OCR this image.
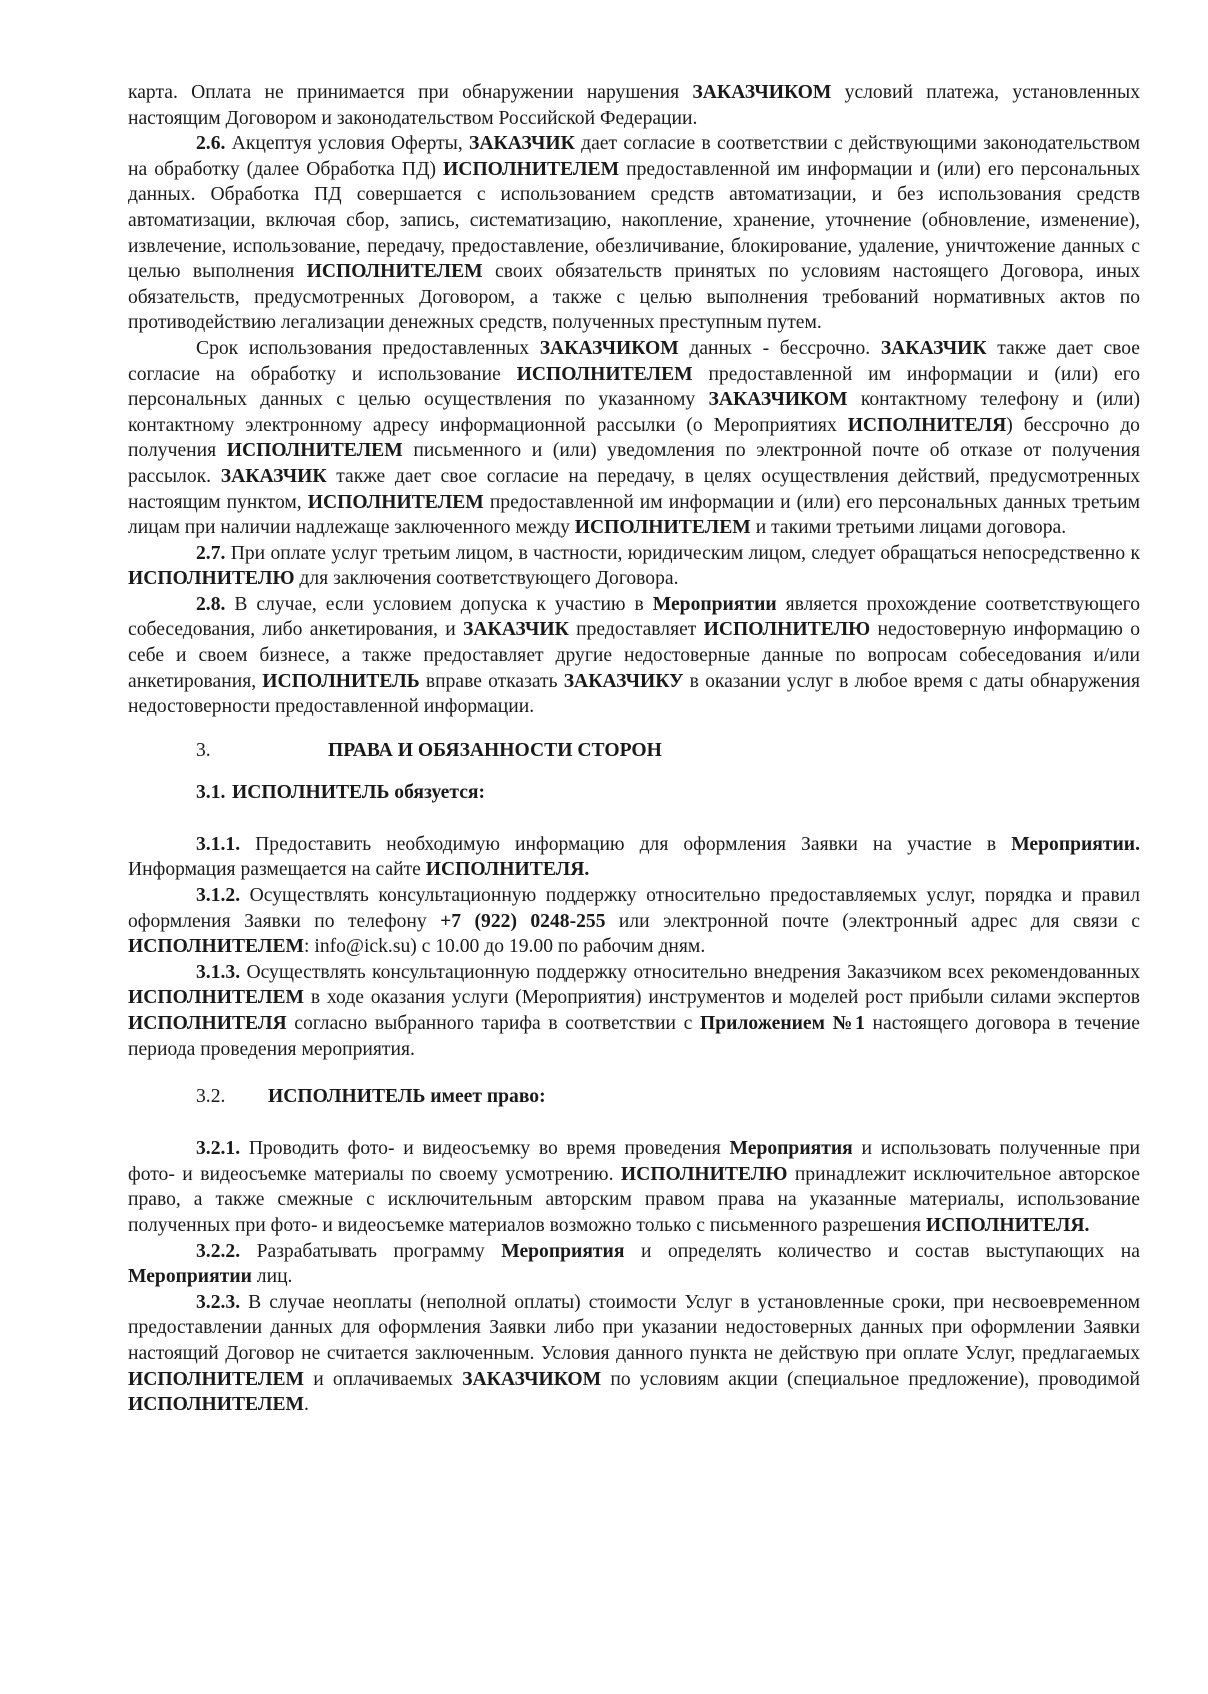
карта. Оплата не принимается при обнаружении нарушения ЗАКАЗЧИКОМ условий платежа, установленных настоящим Договором и законодательством Российской Федерации.

2.6. Акцептуя условия Оферты, ЗАКАЗЧИК дает согласие в соответствии с действующими законодательством на обработку (далее Обработка ПД) ИСПОЛНИТЕЛЕМ предоставленной им информации и (или) его персональных данных. Обработка ПД совершается с использованием средств автоматизации, и без использования средств автоматизации, включая сбор, запись, систематизацию, накопление, хранение, уточнение (обновление, изменение), извлечение, использование, передачу, предоставление, обезличивание, блокирование, удаление, уничтожение данных с целью выполнения ИСПОЛНИТЕЛЕМ своих обязательств принятых по условиям настоящего Договора, иных обязательств, предусмотренных Договором, а также с целью выполнения требований нормативных актов по противодействию легализации денежных средств, полученных преступным путем.

Срок использования предоставленных ЗАКАЗЧИКОМ данных - бессрочно. ЗАКАЗЧИК также дает свое согласие на обработку и использование ИСПОЛНИТЕЛЕМ предоставленной им информации и (или) его персональных данных с целью осуществления по указанному ЗАКАЗЧИКОМ контактному телефону и (или) контактному электронному адресу информационной рассылки (о Мероприятиях ИСПОЛНИТЕЛЯ) бессрочно до получения ИСПОЛНИТЕЛЕМ письменного и (или) уведомления по электронной почте об отказе от получения рассылок. ЗАКАЗЧИК также дает свое согласие на передачу, в целях осуществления действий, предусмотренных настоящим пунктом, ИСПОЛНИТЕЛЕМ предоставленной им информации и (или) его персональных данных третьим лицам при наличии надлежаще заключенного между ИСПОЛНИТЕЛЕМ и такими третьими лицами договора.

2.7. При оплате услуг третьим лицом, в частности, юридическим лицом, следует обращаться непосредственно к ИСПОЛНИТЕЛЮ для заключения соответствующего Договора.

2.8. В случае, если условием допуска к участию в Мероприятии является прохождение соответствующего собеседования, либо анкетирования, и ЗАКАЗЧИК предоставляет ИСПОЛНИТЕЛЮ недостоверную информацию о себе и своем бизнесе, а также предоставляет другие недостоверные данные по вопросам собеседования и/или анкетирования, ИСПОЛНИТЕЛЬ вправе отказать ЗАКАЗЧИКУ в оказании услуг в любое время с даты обнаружения недостоверности предоставленной информации.

3.	ПРАВА И ОБЯЗАННОСТИ СТОРОН
3.1. ИСПОЛНИТЕЛЬ обязуется:

3.1.1. Предоставить необходимую информацию для оформления Заявки на участие в Мероприятии. Информация размещается на сайте ИСПОЛНИТЕЛЯ.

3.1.2. Осуществлять консультационную поддержку относительно предоставляемых услуг, порядка и правил оформления Заявки по телефону +7 (922) 0248-255 или электронной почте (электронный адрес для связи с ИСПОЛНИТЕЛЕМ: info@ick.su) с 10.00 до 19.00 по рабочим дням.

3.1.3. Осуществлять консультационную поддержку относительно внедрения Заказчиком всех рекомендованных ИСПОЛНИТЕЛЕМ в ходе оказания услуги (Мероприятия) инструментов и моделей рост прибыли силами экспертов ИСПОЛНИТЕЛЯ согласно выбранного тарифа в соответствии с Приложением №1 настоящего договора в течение периода проведения мероприятия.

3.2. ИСПОЛНИТЕЛЬ имеет право:

3.2.1. Проводить фото- и видеосъемку во время проведения Мероприятия и использовать полученные при фото- и видеосъемке материалы по своему усмотрению. ИСПОЛНИТЕЛЮ принадлежит исключительное авторское право, а также смежные с исключительным авторским правом права на указанные материалы, использование полученных при фото- и видеосъемке материалов возможно только с письменного разрешения ИСПОЛНИТЕЛЯ.

3.2.2. Разрабатывать программу Мероприятия и определять количество и состав выступающих на Мероприятии лиц.

3.2.3. В случае неоплаты (неполной оплаты) стоимости Услуг в установленные сроки, при несвоевременном предоставлении данных для оформления Заявки либо при указании недостоверных данных при оформлении Заявки настоящий Договор не считается заключенным. Условия данного пункта не действую при оплате Услуг, предлагаемых ИСПОЛНИТЕЛЕМ и оплачиваемых ЗАКАЗЧИКОМ по условиям акции (специальное предложение), проводимой ИСПОЛНИТЕЛЕМ.
